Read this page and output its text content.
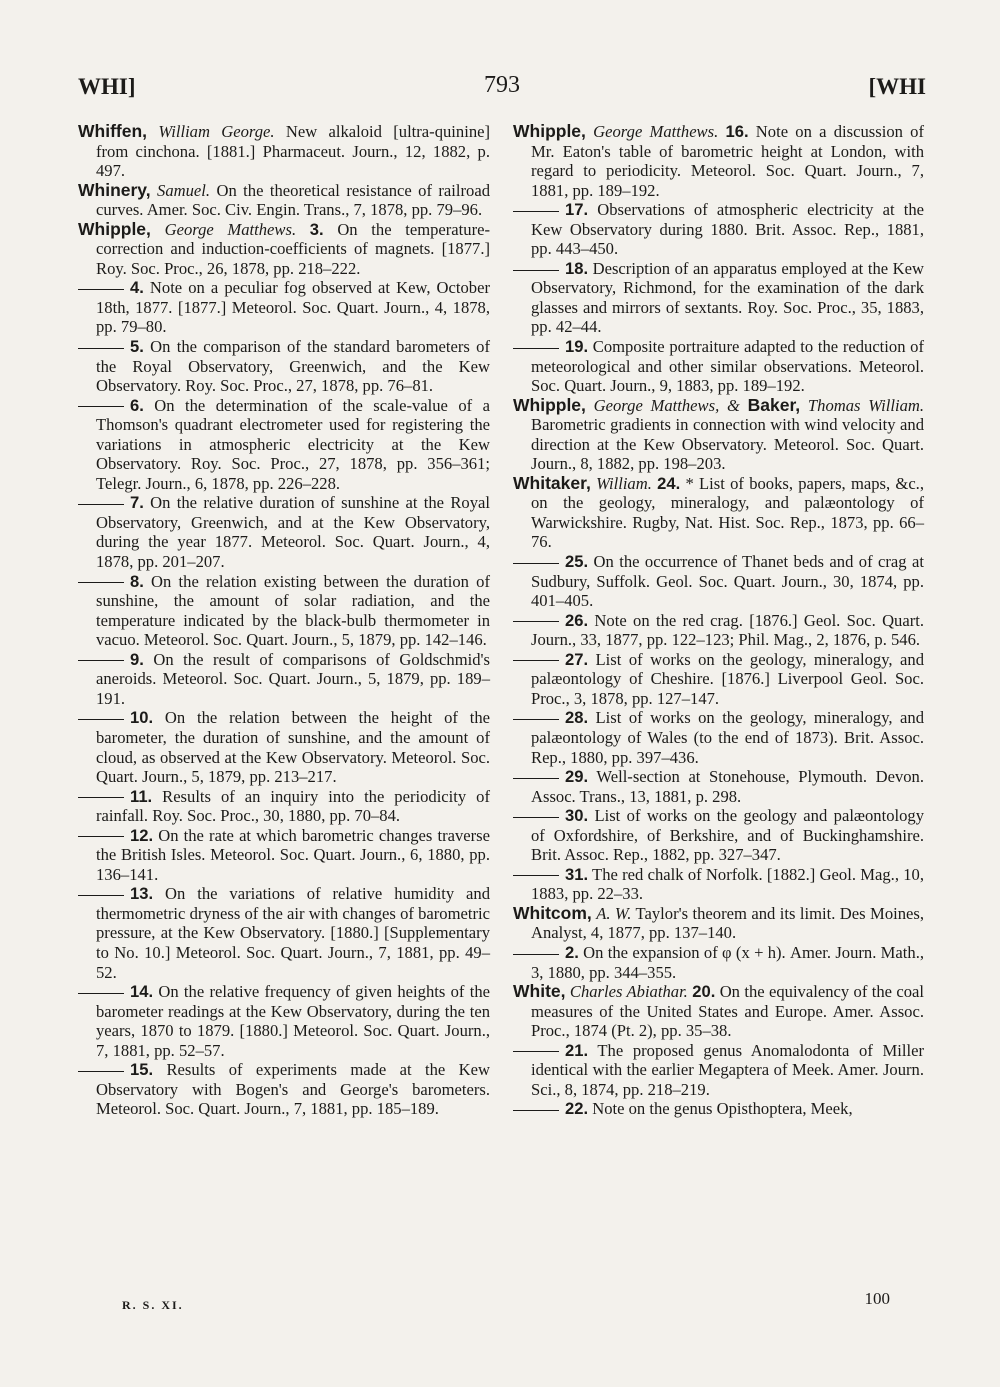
WHI]	793	[WHI

Whiffen, William George. New alkaloid [ultra-quinine] from cinchona. [1881.] Pharmaceut. Journ., 12, 1882, p. 497.

Whinery, Samuel. On the theoretical resistance of railroad curves. Amer. Soc. Civ. Engin. Trans., 7, 1878, pp. 79–96.

Whipple, George Matthews. 3. On the temperature-correction and induction-coefficients of magnets. [1877.] Roy. Soc. Proc., 26, 1878, pp. 218–222.

4. Note on a peculiar fog observed at Kew, October 18th, 1877. [1877.] Meteorol. Soc. Quart. Journ., 4, 1878, pp. 79–80.

5. On the comparison of the standard barometers of the Royal Observatory, Greenwich, and the Kew Observatory. Roy. Soc. Proc., 27, 1878, pp. 76–81.

6. On the determination of the scale-value of a Thomson's quadrant electrometer used for registering the variations in atmospheric electricity at the Kew Observatory. Roy. Soc. Proc., 27, 1878, pp. 356–361; Telegr. Journ., 6, 1878, pp. 226–228.

7. On the relative duration of sunshine at the Royal Observatory, Greenwich, and at the Kew Observatory, during the year 1877. Meteorol. Soc. Quart. Journ., 4, 1878, pp. 201–207.

8. On the relation existing between the duration of sunshine, the amount of solar radiation, and the temperature indicated by the black-bulb thermometer in vacuo. Meteorol. Soc. Quart. Journ., 5, 1879, pp. 142–146.

9. On the result of comparisons of Goldschmid's aneroids. Meteorol. Soc. Quart. Journ., 5, 1879, pp. 189–191.

10. On the relation between the height of the barometer, the duration of sunshine, and the amount of cloud, as observed at the Kew Observatory. Meteorol. Soc. Quart. Journ., 5, 1879, pp. 213–217.

11. Results of an inquiry into the periodicity of rainfall. Roy. Soc. Proc., 30, 1880, pp. 70–84.

12. On the rate at which barometric changes traverse the British Isles. Meteorol. Soc. Quart. Journ., 6, 1880, pp. 136–141.

13. On the variations of relative humidity and thermometric dryness of the air with changes of barometric pressure, at the Kew Observatory. [1880.] [Supplementary to No. 10.] Meteorol. Soc. Quart. Journ., 7, 1881, pp. 49–52.

14. On the relative frequency of given heights of the barometer readings at the Kew Observatory, during the ten years, 1870 to 1879. [1880.] Meteorol. Soc. Quart. Journ., 7, 1881, pp. 52–57.

15. Results of experiments made at the Kew Observatory with Bogen's and George's barometers. Meteorol. Soc. Quart. Journ., 7, 1881, pp. 185–189.

Whipple, George Matthews. 16. Note on a discussion of Mr. Eaton's table of barometric height at London, with regard to periodicity. Meteorol. Soc. Quart. Journ., 7, 1881, pp. 189–192.

17. Observations of atmospheric electricity at the Kew Observatory during 1880. Brit. Assoc. Rep., 1881, pp. 443–450.

18. Description of an apparatus employed at the Kew Observatory, Richmond, for the examination of the dark glasses and mirrors of sextants. Roy. Soc. Proc., 35, 1883, pp. 42–44.

19. Composite portraiture adapted to the reduction of meteorological and other similar observations. Meteorol. Soc. Quart. Journ., 9, 1883, pp. 189–192.

Whipple, George Matthews, & Baker, Thomas William. Barometric gradients in connection with wind velocity and direction at the Kew Observatory. Meteorol. Soc. Quart. Journ., 8, 1882, pp. 198–203.

Whitaker, William. 24. * List of books, papers, maps, &c., on the geology, mineralogy, and palæontology of Warwickshire. Rugby, Nat. Hist. Soc. Rep., 1873, pp. 66–76.

25. On the occurrence of Thanet beds and of crag at Sudbury, Suffolk. Geol. Soc. Quart. Journ., 30, 1874, pp. 401–405.

26. Note on the red crag. [1876.] Geol. Soc. Quart. Journ., 33, 1877, pp. 122–123; Phil. Mag., 2, 1876, p. 546.

27. List of works on the geology, mineralogy, and palæontology of Cheshire. [1876.] Liverpool Geol. Soc. Proc., 3, 1878, pp. 127–147.

28. List of works on the geology, mineralogy, and palæontology of Wales (to the end of 1873). Brit. Assoc. Rep., 1880, pp. 397–436.

29. Well-section at Stonehouse, Plymouth. Devon. Assoc. Trans., 13, 1881, p. 298.

30. List of works on the geology and palæontology of Oxfordshire, of Berkshire, and of Buckinghamshire. Brit. Assoc. Rep., 1882, pp. 327–347.

31. The red chalk of Norfolk. [1882.] Geol. Mag., 10, 1883, pp. 22–33.

Whitcom, A. W. Taylor's theorem and its limit. Des Moines, Analyst, 4, 1877, pp. 137–140.

2. On the expansion of φ (x + h). Amer. Journ. Math., 3, 1880, pp. 344–355.

White, Charles Abiathar. 20. On the equivalency of the coal measures of the United States and Europe. Amer. Assoc. Proc., 1874 (Pt. 2), pp. 35–38.

21. The proposed genus Anomalodonta of Miller identical with the earlier Megaptera of Meek. Amer. Journ. Sci., 8, 1874, pp. 218–219.

22. Note on the genus Opisthoptera, Meek,

R. S. XI.	100
